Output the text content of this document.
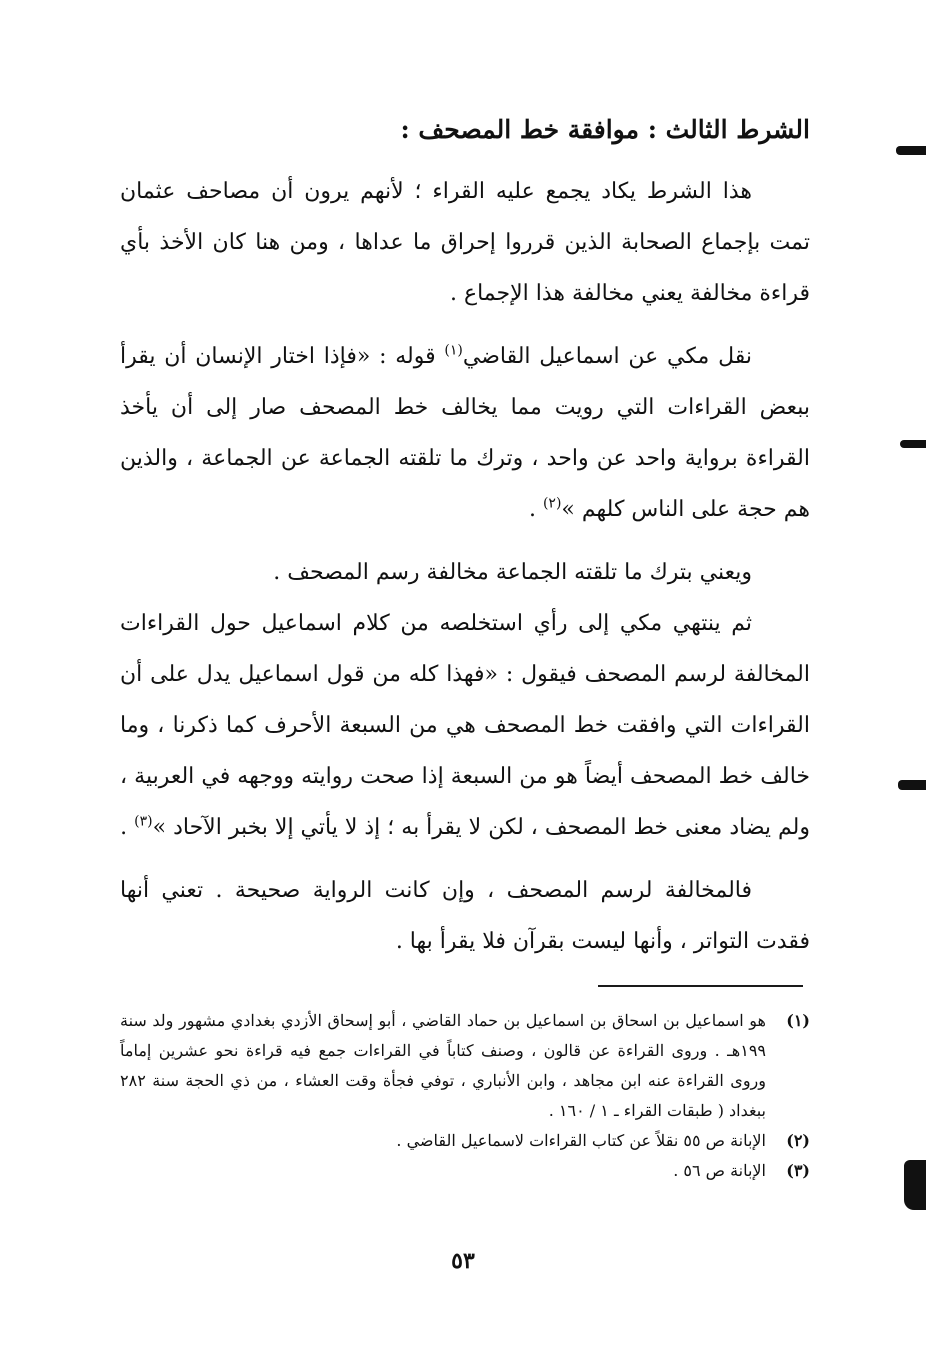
الشرط الثالث : موافقة خط المصحف :

هذا الشرط يكاد يجمع عليه القراء ؛ لأنهم يرون أن مصاحف عثمان تمت بإجماع الصحابة الذين قرروا إحراق ما عداها ، ومن هنا كان الأخذ بأي قراءة مخالفة يعني مخالفة هذا الإجماع .

نقل مكي عن اسماعيل القاضي$^{(١)}$ قوله : «فإذا اختار الإنسان أن يقرأ ببعض القراءات التي رويت مما يخالف خط المصحف صار إلى أن يأخذ القراءة برواية واحد عن واحد ، وترك ما تلقته الجماعة عن الجماعة ، والذين هم حجة على الناس كلهم »$^{(٢)}$ .

ويعني بترك ما تلقته الجماعة مخالفة رسم المصحف .

ثم ينتهي مكي إلى رأي استخلصه من كلام اسماعيل حول القراءات المخالفة لرسم المصحف فيقول : «فهذا كله من قول اسماعيل يدل على أن القراءات التي وافقت خط المصحف هي من السبعة الأحرف كما ذكرنا ، وما خالف خط المصحف أيضاً هو من السبعة إذا صحت روايته ووجهه في العربية ، ولم يضاد معنى خط المصحف ، لكن لا يقرأ به ؛ إذ لا يأتي إلا بخبر الآحاد »$^{(٣)}$ .

فالمخالفة لرسم المصحف ، وإن كانت الرواية صحيحة . تعني أنها فقدت التواتر ، وأنها ليست بقرآن فلا يقرأ بها .

(١)
هو اسماعيل بن اسحاق بن اسماعيل بن حماد القاضي ، أبو إسحاق الأزدي بغدادي مشهور ولد سنة ١٩٩هـ . وروى القراءة عن قالون ، وصنف كتاباً في القراءات جمع فيه قراءة نحو عشرين إماماً وروى القراءة عنه ابن مجاهد ، وابن الأنباري ، توفي فجأة وقت العشاء ، من ذي الحجة سنة ٢٨٢ ببغداد ( طبقات القراء ـ ١ / ١٦٠ .
(٢)
الإبانة ص ٥٥ نقلاً عن كتاب القراءات لاسماعيل القاضي .
(٣)
الإبانة ص ٥٦ .
٥٣
